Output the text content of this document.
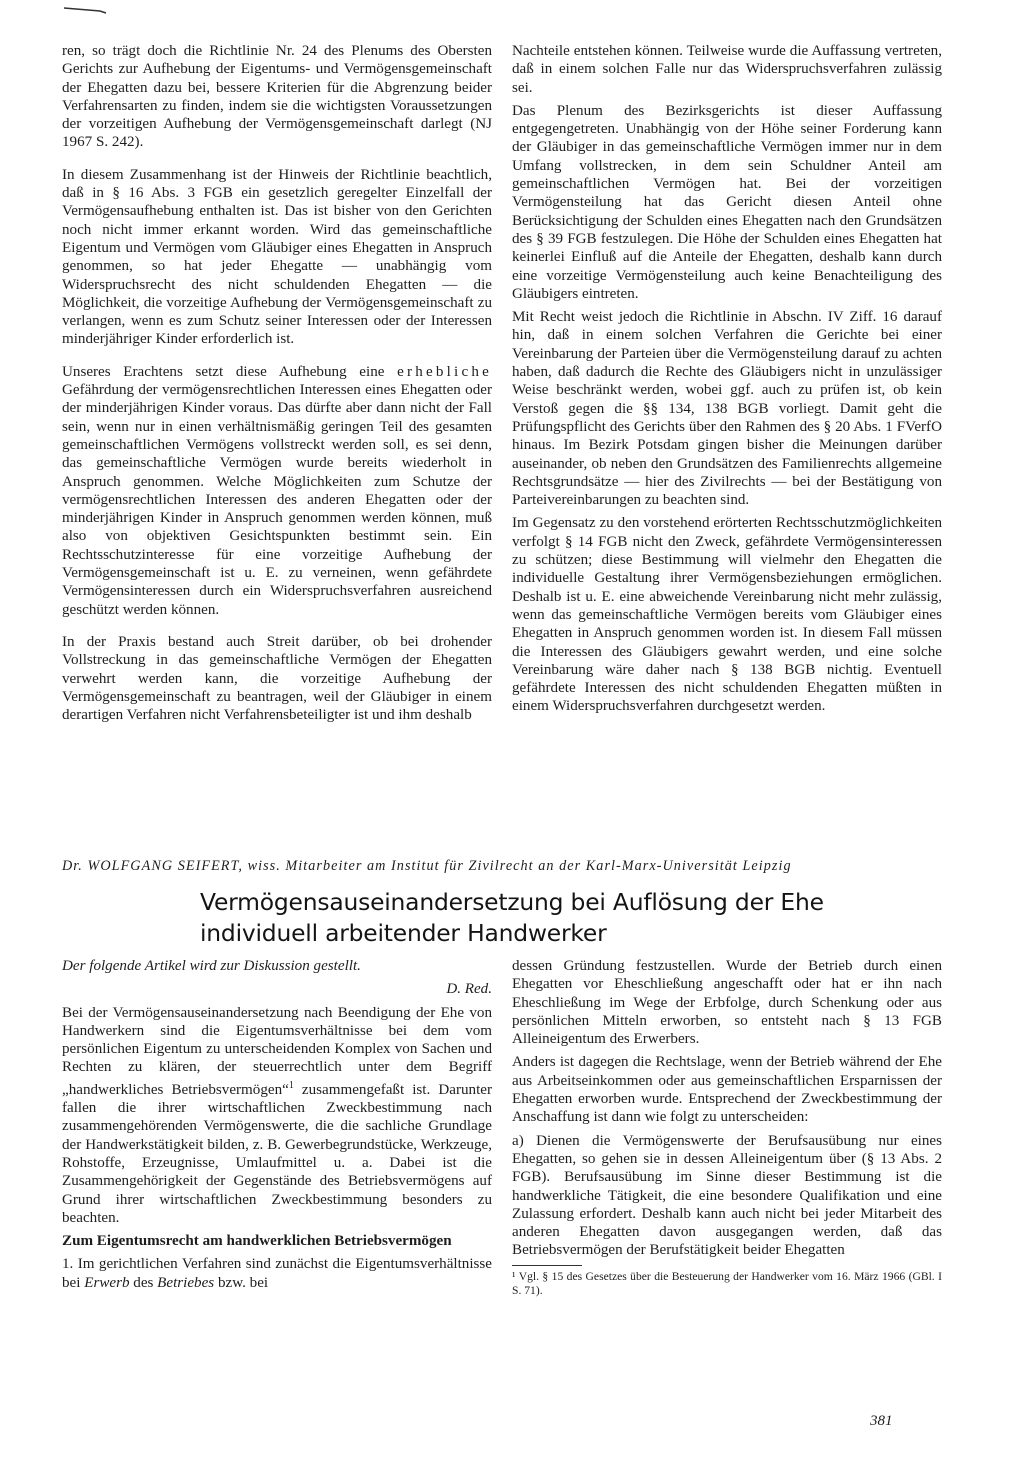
ren, so trägt doch die Richtlinie Nr. 24 des Plenums des Obersten Gerichts zur Aufhebung der Eigentums- und Vermögensgemeinschaft der Ehegatten dazu bei, bessere Kriterien für die Abgrenzung beider Verfahrensarten zu finden, indem sie die wichtigsten Voraussetzungen der vorzeitigen Aufhebung der Vermögensgemeinschaft darlegt (NJ 1967 S. 242).

In diesem Zusammenhang ist der Hinweis der Richtlinie beachtlich, daß in § 16 Abs. 3 FGB ein gesetzlich geregelter Einzelfall der Vermögensaufhebung enthalten ist. Das ist bisher von den Gerichten noch nicht immer erkannt worden. Wird das gemeinschaftliche Eigentum und Vermögen vom Gläubiger eines Ehegatten in Anspruch genommen, so hat jeder Ehegatte — unabhängig vom Widerspruchsrecht des nicht schuldenden Ehegatten — die Möglichkeit, die vorzeitige Aufhebung der Vermögensgemeinschaft zu verlangen, wenn es zum Schutz seiner Interessen oder der Interessen minderjähriger Kinder erforderlich ist.

Unseres Erachtens setzt diese Aufhebung eine erhebliche Gefährdung der vermögensrechtlichen Interessen eines Ehegatten oder der minderjährigen Kinder voraus. Das dürfte aber dann nicht der Fall sein, wenn nur in einen verhältnismäßig geringen Teil des gesamten gemeinschaftlichen Vermögens vollstreckt werden soll, es sei denn, das gemeinschaftliche Vermögen wurde bereits wiederholt in Anspruch genommen. Welche Möglichkeiten zum Schutze der vermögensrechtlichen Interessen des anderen Ehegatten oder der minderjährigen Kinder in Anspruch genommen werden können, muß also von objektiven Gesichtspunkten bestimmt sein. Ein Rechtsschutzinteresse für eine vorzeitige Aufhebung der Vermögensgemeinschaft ist u. E. zu verneinen, wenn gefährdete Vermögensinteressen durch ein Widerspruchsverfahren ausreichend geschützt werden können.

In der Praxis bestand auch Streit darüber, ob bei drohender Vollstreckung in das gemeinschaftliche Vermögen der Ehegatten verwehrt werden kann, die vorzeitige Aufhebung der Vermögensgemeinschaft zu beantragen, weil der Gläubiger in einem derartigen Verfahren nicht Verfahrensbeteiligter ist und ihm deshalb

Nachteile entstehen können. Teilweise wurde die Auffassung vertreten, daß in einem solchen Falle nur das Widerspruchsverfahren zulässig sei.

Das Plenum des Bezirksgerichts ist dieser Auffassung entgegengetreten. Unabhängig von der Höhe seiner Forderung kann der Gläubiger in das gemeinschaftliche Vermögen immer nur in dem Umfang vollstrecken, in dem sein Schuldner Anteil am gemeinschaftlichen Vermögen hat. Bei der vorzeitigen Vermögensteilung hat das Gericht diesen Anteil ohne Berücksichtigung der Schulden eines Ehegatten nach den Grundsätzen des § 39 FGB festzulegen. Die Höhe der Schulden eines Ehegatten hat keinerlei Einfluß auf die Anteile der Ehegatten, deshalb kann durch eine vorzeitige Vermögensteilung auch keine Benachteiligung des Gläubigers eintreten.

Mit Recht weist jedoch die Richtlinie in Abschn. IV Ziff. 16 darauf hin, daß in einem solchen Verfahren die Gerichte bei einer Vereinbarung der Parteien über die Vermögensteilung darauf zu achten haben, daß dadurch die Rechte des Gläubigers nicht in unzulässiger Weise beschränkt werden, wobei ggf. auch zu prüfen ist, ob kein Verstoß gegen die §§ 134, 138 BGB vorliegt. Damit geht die Prüfungspflicht des Gerichts über den Rahmen des § 20 Abs. 1 FVerfO hinaus. Im Bezirk Potsdam gingen bisher die Meinungen darüber auseinander, ob neben den Grundsätzen des Familienrechts allgemeine Rechtsgrundsätze — hier des Zivilrechts — bei der Bestätigung von Parteivereinbarungen zu beachten sind.

Im Gegensatz zu den vorstehend erörterten Rechtsschutzmöglichkeiten verfolgt § 14 FGB nicht den Zweck, gefährdete Vermögensinteressen zu schützen; diese Bestimmung will vielmehr den Ehegatten die individuelle Gestaltung ihrer Vermögensbeziehungen ermöglichen. Deshalb ist u. E. eine abweichende Vereinbarung nicht mehr zulässig, wenn das gemeinschaftliche Vermögen bereits vom Gläubiger eines Ehegatten in Anspruch genommen worden ist. In diesem Fall müssen die Interessen des Gläubigers gewahrt werden, und eine solche Vereinbarung wäre daher nach § 138 BGB nichtig. Eventuell gefährdete Interessen des nicht schuldenden Ehegatten müßten in einem Widerspruchsverfahren durchgesetzt werden.

Dr. WOLFGANG SEIFERT, wiss. Mitarbeiter am Institut für Zivilrecht an der Karl-Marx-Universität Leipzig
Vermögensauseinandersetzung bei Auflösung der Ehe
individuell arbeitender Handwerker

Der folgende Artikel wird zur Diskussion gestellt.

D. Red.

Bei der Vermögensauseinandersetzung nach Beendigung der Ehe von Handwerkern sind die Eigentumsverhältnisse bei dem vom persönlichen Eigentum zu unterscheidenden Komplex von Sachen und Rechten zu klären, der steuerrechtlich unter dem Begriff „handwerkliches Betriebsvermögen“$^1$ zusammengefaßt ist. Darunter fallen die ihrer wirtschaftlichen Zweckbestimmung nach zusammengehörenden Vermögenswerte, die die sachliche Grundlage der Handwerkstätigkeit bilden, z. B. Gewerbegrundstücke, Werkzeuge, Rohstoffe, Erzeugnisse, Umlaufmittel u. a. Dabei ist die Zusammengehörigkeit der Gegenstände des Betriebsvermögens auf Grund ihrer wirtschaftlichen Zweckbestimmung besonders zu beachten.

Zum Eigentumsrecht am handwerklichen Betriebsvermögen

1. Im gerichtlichen Verfahren sind zunächst die Eigentumsverhältnisse bei Erwerb des Betriebes bzw. bei

dessen Gründung festzustellen. Wurde der Betrieb durch einen Ehegatten vor Eheschließung angeschafft oder hat er ihn nach Eheschließung im Wege der Erbfolge, durch Schenkung oder aus persönlichen Mitteln erworben, so entsteht nach § 13 FGB Alleineigentum des Erwerbers.

Anders ist dagegen die Rechtslage, wenn der Betrieb während der Ehe aus Arbeitseinkommen oder aus gemeinschaftlichen Ersparnissen der Ehegatten erworben wurde. Entsprechend der Zweckbestimmung der Anschaffung ist dann wie folgt zu unterscheiden:

a) Dienen die Vermögenswerte der Berufsausübung nur eines Ehegatten, so gehen sie in dessen Alleineigentum über (§ 13 Abs. 2 FGB). Berufsausübung im Sinne dieser Bestimmung ist die handwerkliche Tätigkeit, die eine besondere Qualifikation und eine Zulassung erfordert. Deshalb kann auch nicht bei jeder Mitarbeit des anderen Ehegatten davon ausgegangen werden, daß das Betriebsvermögen der Berufstätigkeit beider Ehegatten

¹ Vgl. § 15 des Gesetzes über die Besteuerung der Handwerker vom 16. März 1966 (GBl. I S. 71).

381
